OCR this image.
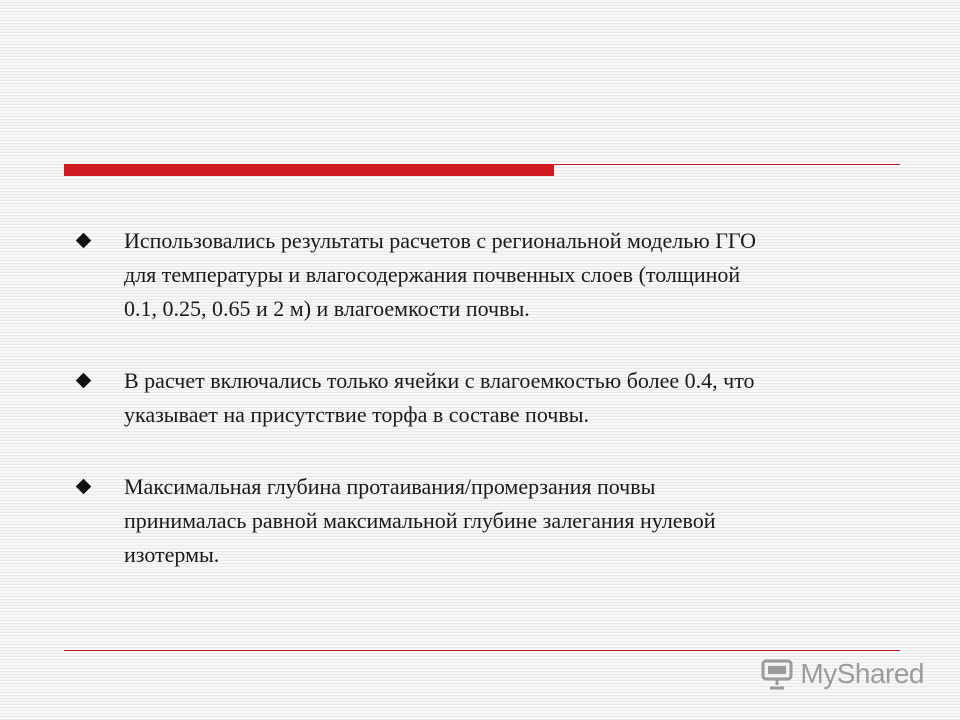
Использовались результаты расчетов с региональной моделью ГГО
для температуры и влагосодержания почвенных слоев (толщиной
0.1, 0.25, 0.65 и 2 м) и влагоемкости почвы.
В расчет включались только ячейки с влагоемкостью более 0.4, что
указывает на присутствие торфа в составе почвы.
Максимальная глубина протаивания/промерзания почвы
принималась равной максимальной глубине залегания нулевой
изотермы.
MyShared
